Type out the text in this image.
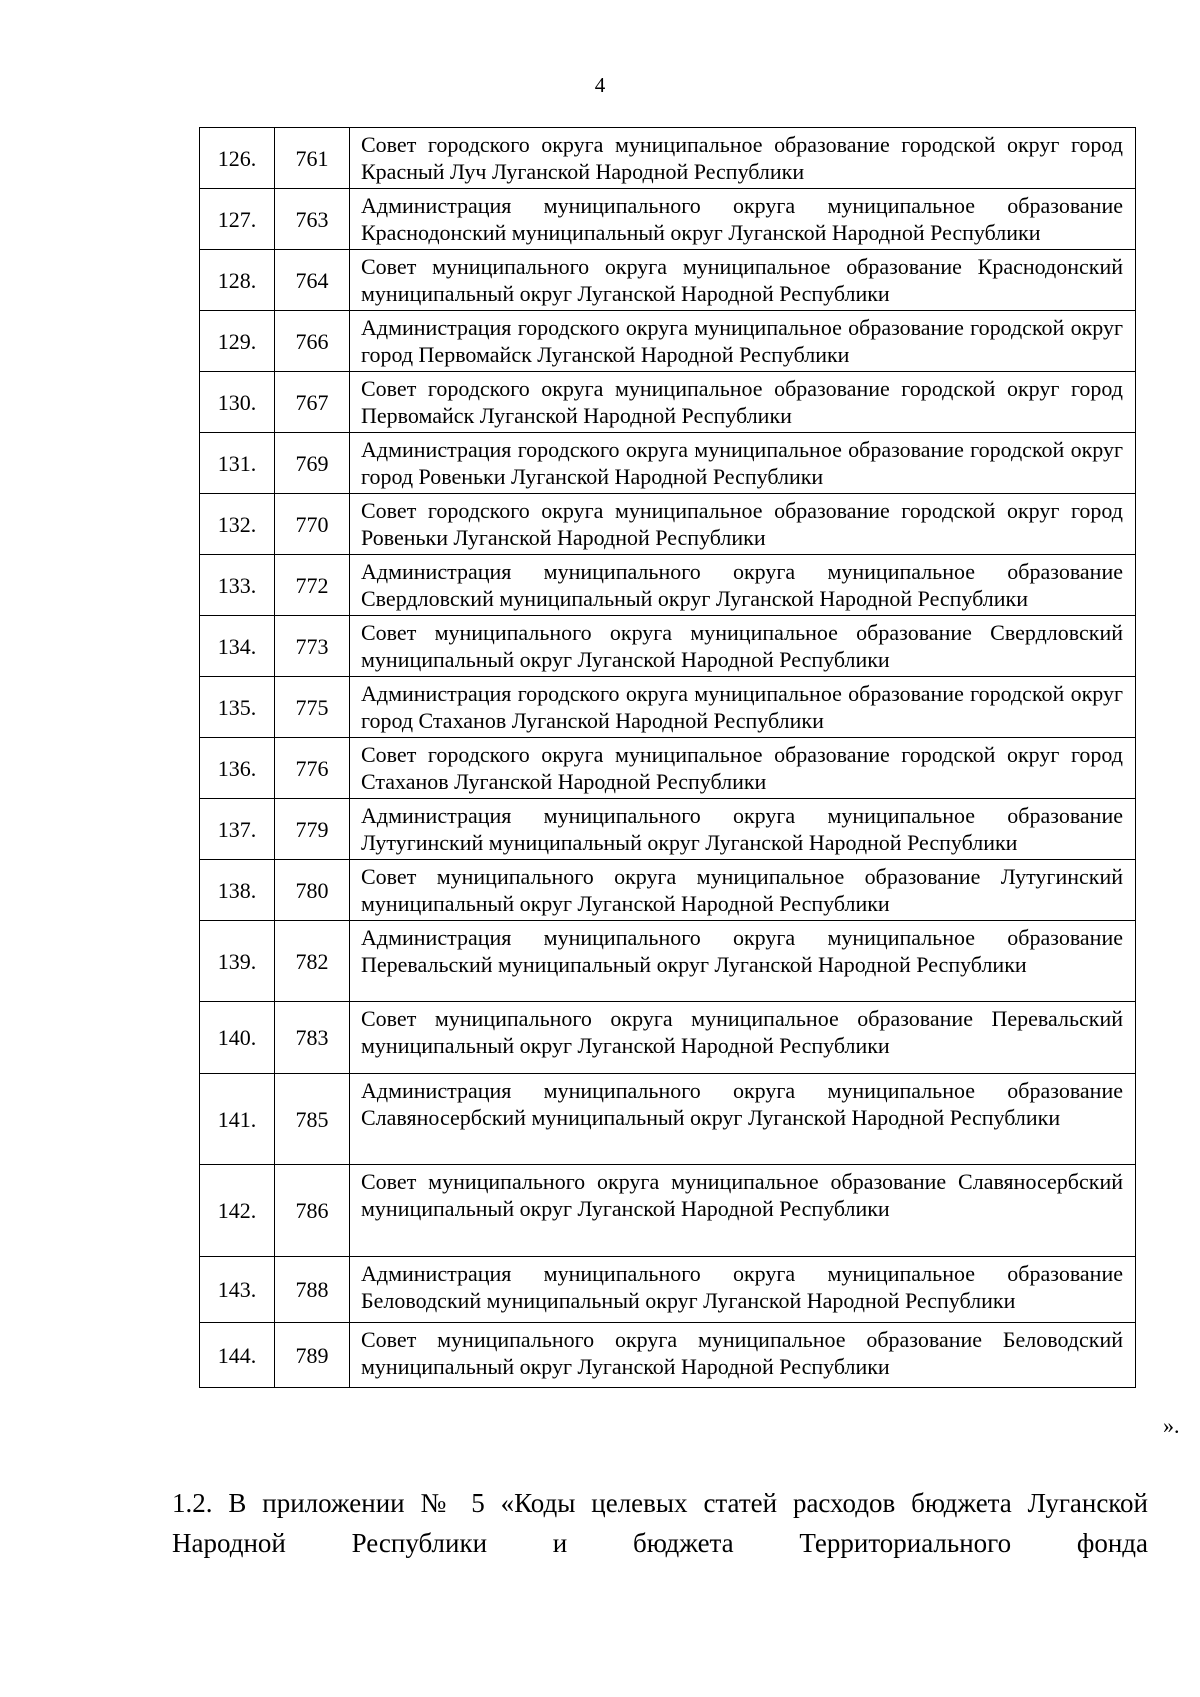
4
126.	761	Совет городского округа муниципальное образование городской округ город Красный Луч Луганской Народной Республики
127.	763	Администрация муниципального округа муниципальное образование Краснодонский муниципальный округ Луганской Народной Республики
128.	764	Совет муниципального округа муниципальное образование Краснодонский муниципальный округ Луганской Народной Республики
129.	766	Администрация городского округа муниципальное образование городской округ город Первомайск Луганской Народной Республики
130.	767	Совет городского округа муниципальное образование городской округ город Первомайск Луганской Народной Республики
131.	769	Администрация городского округа муниципальное образование городской округ город Ровеньки Луганской Народной Республики
132.	770	Совет городского округа муниципальное образование городской округ город Ровеньки Луганской Народной Республики
133.	772	Администрация муниципального округа муниципальное образование Свердловский муниципальный округ Луганской Народной Республики
134.	773	Совет муниципального округа муниципальное образование Свердловский муниципальный округ Луганской Народной Республики
135.	775	Администрация городского округа муниципальное образование городской округ город Стаханов Луганской Народной Республики
136.	776	Совет городского округа муниципальное образование городской округ город Стаханов Луганской Народной Республики
137.	779	Администрация муниципального округа муниципальное образование Лутугинский муниципальный округ Луганской Народной Республики
138.	780	Совет муниципального округа муниципальное образование Лутугинский муниципальный округ Луганской Народной Республики
139.	782	Администрация муниципального округа муниципальное образование Перевальский муниципальный округ Луганской Народной Республики
140.	783	Совет муниципального округа муниципальное образование Перевальский муниципальный округ Луганской Народной Республики
141.	785	Администрация муниципального округа муниципальное образование Славяносербский муниципальный округ Луганской Народной Республики
142.	786	Совет муниципального округа муниципальное образование Славяносербский муниципальный округ Луганской Народной Республики
143.	788	Администрация муниципального округа муниципальное образование Беловодский муниципальный округ Луганской Народной Республики
144.	789	Совет муниципального округа муниципальное образование Беловодский муниципальный округ Луганской Народной Республики
».
1.2. В приложении № 5 «Коды целевых статей расходов бюджета Луганской Народной Республики и бюджета Территориального фонда
